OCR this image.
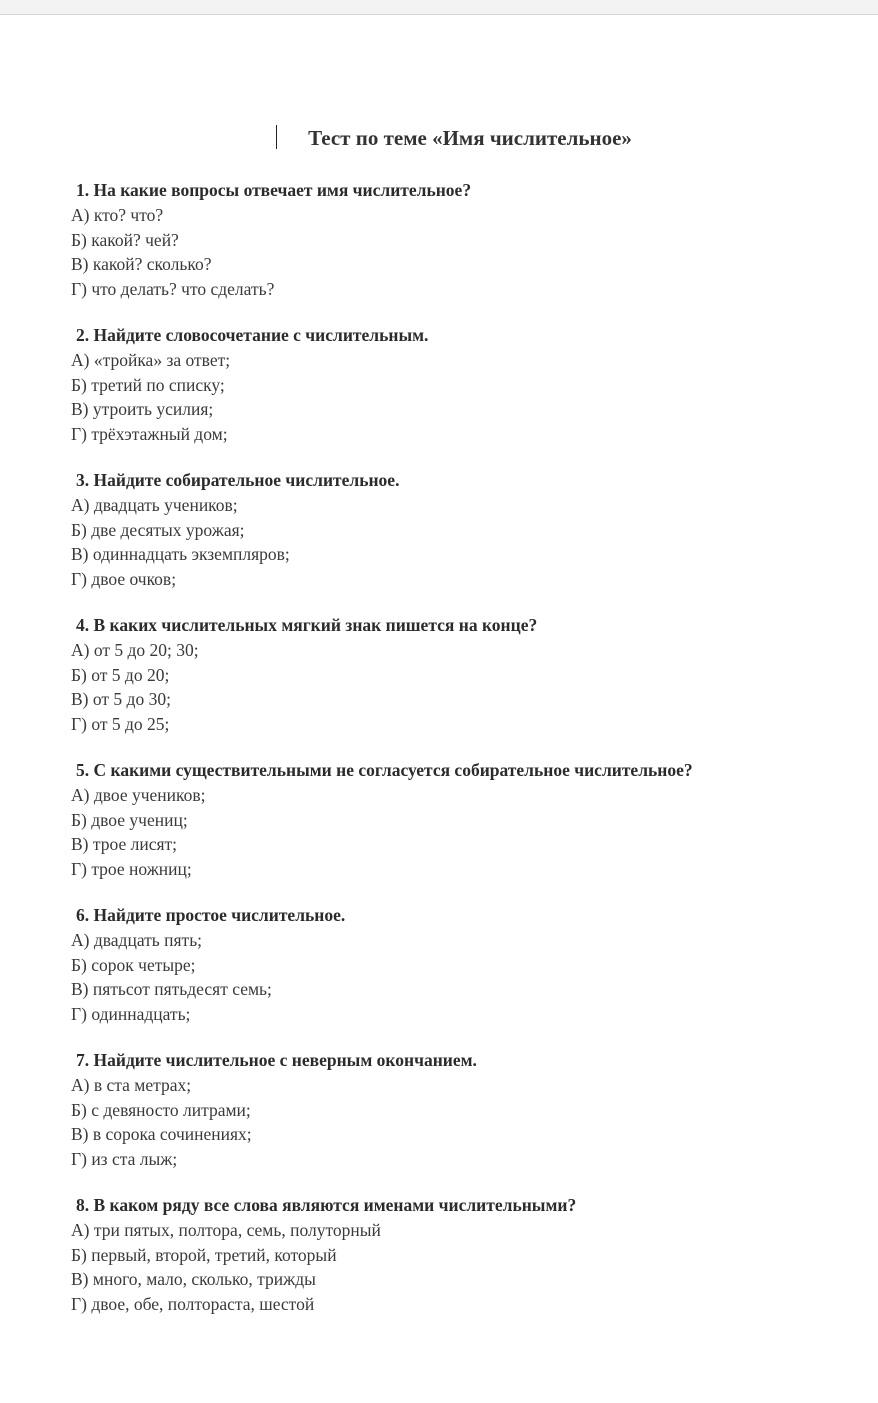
Тест по теме «Имя числительное»
1. На какие вопросы отвечает имя числительное?
А) кто? что?
Б) какой? чей?
В) какой? сколько?
Г) что делать? что сделать?
2. Найдите словосочетание с числительным.
А) «тройка» за ответ;
Б) третий по списку;
В) утроить усилия;
Г) трёхэтажный дом;
3. Найдите собирательное числительное.
А) двадцать учеников;
Б) две десятых урожая;
В) одиннадцать экземпляров;
Г) двое очков;
4. В каких числительных мягкий знак пишется на конце?
А) от 5 до 20; 30;
Б) от 5 до 20;
В) от 5 до 30;
Г) от 5 до 25;
5. С какими существительными не согласуется собирательное числительное?
А) двое учеников;
Б) двое учениц;
В) трое лисят;
Г) трое ножниц;
6. Найдите простое числительное.
А) двадцать пять;
Б) сорок четыре;
В) пятьсот пятьдесят семь;
Г) одиннадцать;
7. Найдите числительное с неверным окончанием.
А) в ста метрах;
Б) с девяносто литрами;
В) в сорока сочинениях;
Г) из ста лыж;
8. В каком ряду все слова являются именами числительными?
А) три пятых, полтора, семь, полуторный
Б) первый, второй, третий, который
В) много, мало, сколько, трижды
Г) двое, обе, полтораста, шестой
